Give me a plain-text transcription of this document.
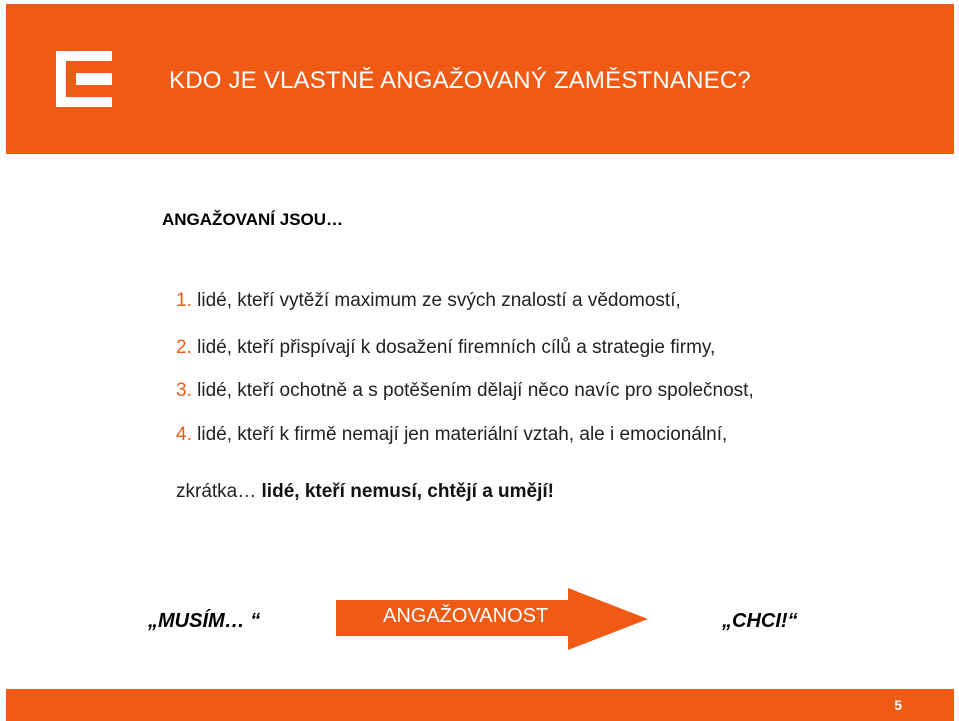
KDO JE VLASTNĚ ANGAŽOVANÝ ZAMĚSTNANEC?
ANGAŽOVANÍ JSOU…
1. lidé, kteří vytěží maximum ze svých znalostí a vědomostí,
2. lidé, kteří přispívají k dosažení firemních cílů a strategie firmy,
3. lidé, kteří ochotně a s potěšením dělají něco navíc pro společnost,
4. lidé, kteří k firmě nemají jen materiální vztah, ale i emocionální,
zkrátka… lidé, kteří nemusí, chtějí a umějí!
„MUSÍM… “	ANGAŽOVANOST	„CHCI!“
5
